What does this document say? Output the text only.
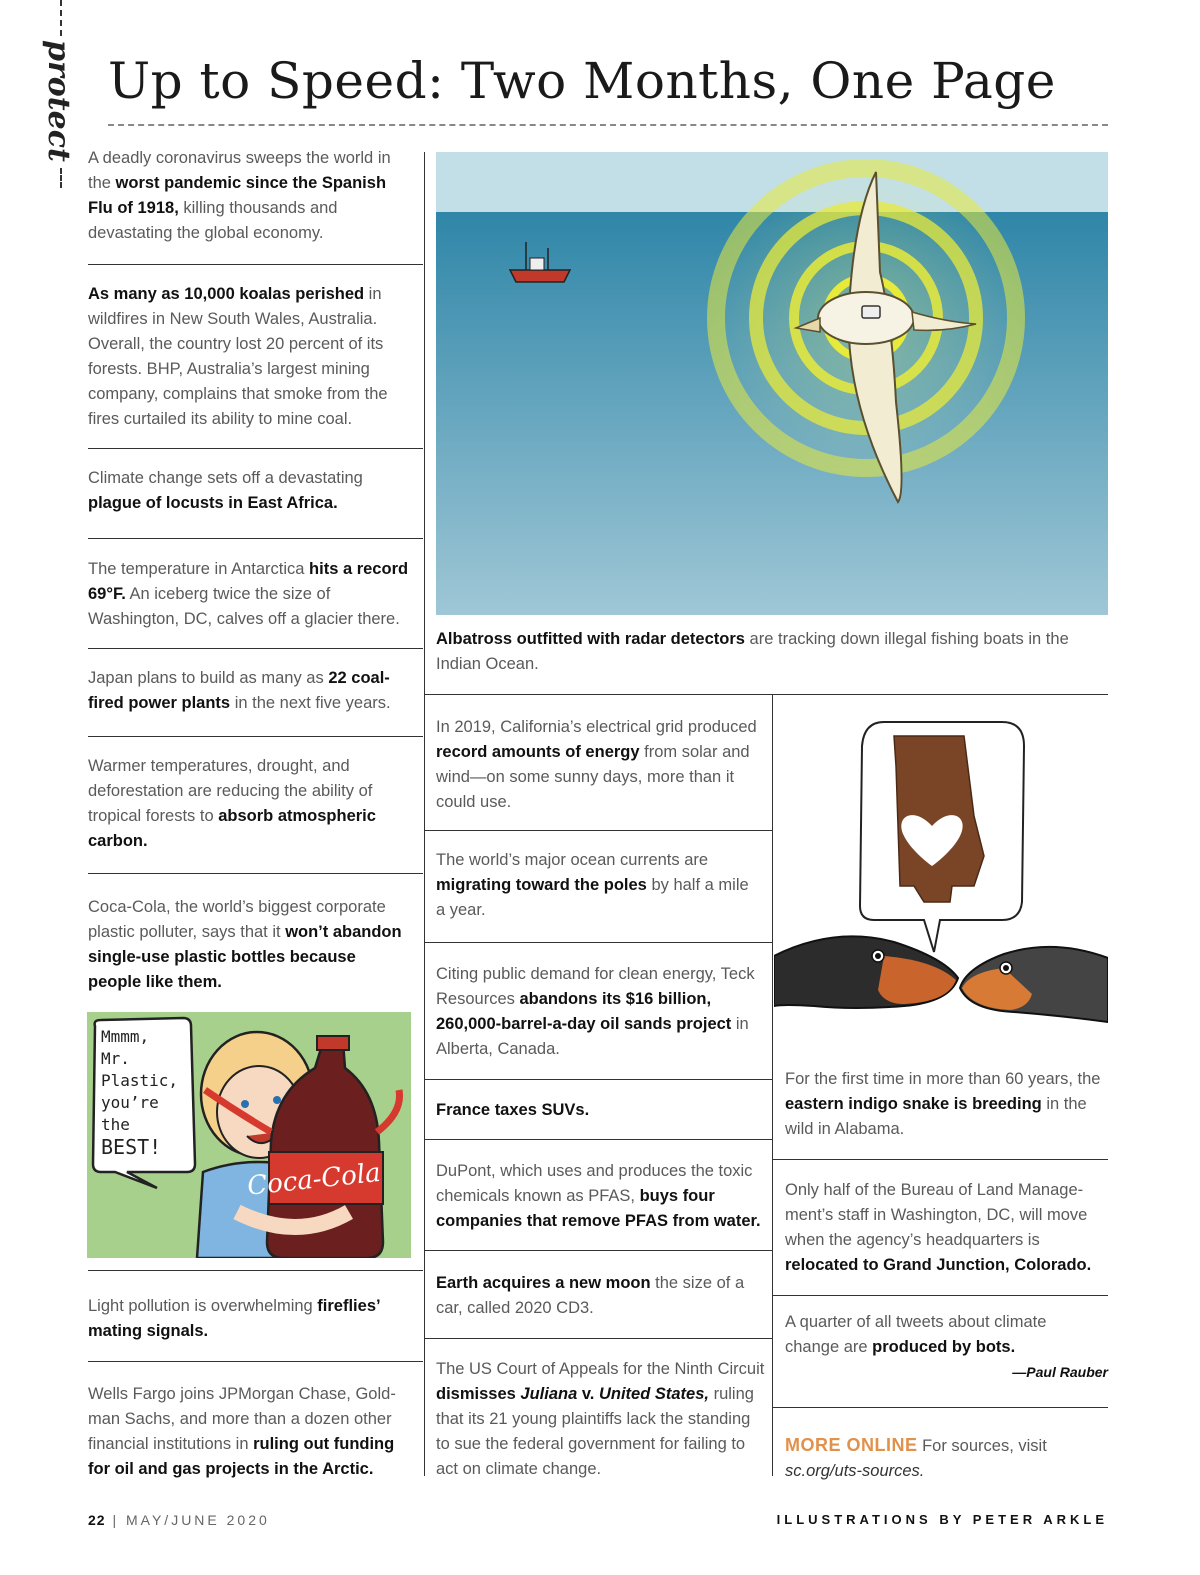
protect Up to Speed: Two Months, One Page
A deadly coronavirus sweeps the world in the worst pandemic since the Spanish Flu of 1918, killing thousands and devastating the global economy.
As many as 10,000 koalas perished in wildfires in New South Wales, Australia. Overall, the country lost 20 percent of its forests. BHP, Australia’s largest mining company, complains that smoke from the fires curtailed its ability to mine coal.
Climate change sets off a devastating plague of locusts in East Africa.
The temperature in Antarctica hits a record 69°F. An iceberg twice the size of Washington, DC, calves off a glacier there.
Japan plans to build as many as 22 coal-fired power plants in the next five years.
Warmer temperatures, drought, and deforestation are reducing the ability of tropical forests to absorb atmospheric carbon.
Coca-Cola, the world’s biggest corporate plastic polluter, says that it won’t abandon single-use plastic bottles because people like them.
Mmmm,
Mr. Plastic,
you’re
the
BEST!
Coca-Cola
Light pollution is overwhelming fireflies’ mating signals.
Wells Fargo joins JPMorgan Chase, Goldman Sachs, and more than a dozen other financial institutions in ruling out funding for oil and gas projects in the Arctic.
Albatross outfitted with radar detectors are tracking down illegal fishing boats in the Indian Ocean.
In 2019, California’s electrical grid produced record amounts of energy from solar and wind—on some sunny days, more than it could use.
The world’s major ocean currents are migrating toward the poles by half a mile a year.
Citing public demand for clean energy, Teck Resources abandons its $16 billion, 260,000-barrel-a-day oil sands project in Alberta, Canada.
France taxes SUVs.
DuPont, which uses and produces the toxic chemicals known as PFAS, buys four companies that remove PFAS from water.
Earth acquires a new moon the size of a car, called 2020 CD3.
The US Court of Appeals for the Ninth Circuit dismisses Juliana v. United States, ruling that its 21 young plaintiffs lack the standing to sue the federal government for failing to act on climate change.
For the first time in more than 60 years, the eastern indigo snake is breeding in the wild in Alabama.
Only half of the Bureau of Land Management’s staff in Washington, DC, will move when the agency’s headquarters is relocated to Grand Junction, Colorado.
A quarter of all tweets about climate change are produced by bots.
—Paul Rauber
MORE ONLINE For sources, visit sc.org/uts-sources.
22 | MAY/JUNE 2020	ILLUSTRATIONS BY PETER ARKLE
